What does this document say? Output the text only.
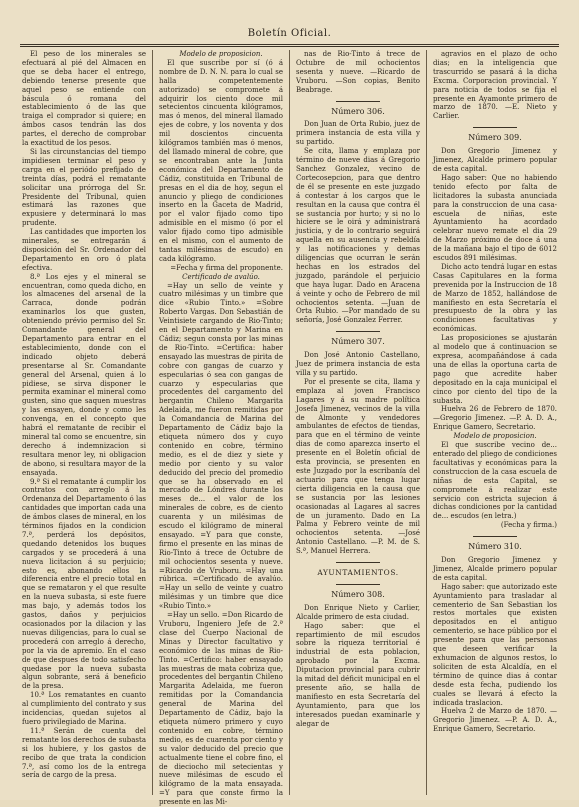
Boletín Oficial.

El peso de los minerales se efectuará al pié del Almacen en que se deba hacer el entrego, debiendo tenerse presente que aquel peso se entiende con báscula ó romana del establecimiento ó de las que traiga el comprador si quiere; en ámbos casos tendrán las dos partes, el derecho de comprobar la exactitud de los pesos.

Si las circunstancias del tiempo impidiesen terminar el peso y carga en el periódo prefijado de treinta días, podrá el rematante solicitar una prórroga del Sr. Presidente del Tribunal, quien estimará las razones que expusiere y determinará lo mas prudente.

Las cantidades que importen los minerales, se entregarán á disposición del Sr. Ordenador del Departamento en oro ó plata efectiva.

8.ª Los ejes y el mineral se encuentran, como queda dicho, en los almacenes del arsenal de la Carraca, donde podrán examinarlos los que gusten, obteniendo prévio permiso del Sr. Comandante general del Departamento para entrar en el establecimiento, donde con el indicado objeto deberá presentarse al Sr. Comandante general del Arsenal, quien á lo pidiese, se sirva disponer le permita examinar el mineral como gusten, sino que saquen muestras y las ensayen, donde y como les convenga, en el concepto que habrá el rematante de recibir el mineral tal como se encuentre, sin derecho á indemnizacion si resultara menor ley, ni obligacion de abono, si resultara mayor de la ensayada.

9.ª Si el rematante á cumplir los contratos con arreglo á la Ordenanza del Departamento ó las cantidades que importan cada una de ámbos clases de mineral, en los términos fijados en la condicion 7.ª, perderá los depósitos, quedando detenidos los buques cargados y se procederá á una nueva licitacion á su perjuicio; esto es, abonando ellos la diferencia entre el precio total en que se remataron y el que resulte en la nueva subasta, si este fuere mas bajo, y además todos los gastos, daños y perjuicios ocasionados por la dilacion y las nuevas diligencias, para lo cual se procederá con arreglo á derecho, por la via de apremio. En el caso de que despues de todo satisfecho quedase por la nueva subasta algun sobrante, será á beneficio de la presa.

10.ª Los rematantes en cuanto al cumplimiento del contrato y sus incidencias, quedan sujetos al fuero privilegiado de Marina.

11.ª Serán de cuenta del rematante los derechos de subasta si los hubiere, y los gastos de recibo de que trata la condicion 7.ª, así como los de la entrega sería de cargo de la presa.

Modelo de proposicion.

El que suscribe por sí (ó á nombre de D. N. N. para lo cual se halla competentemente autorizado) se compromete á adquirir los ciento doce mil setecientos cincuenta kilógramos, mas ó menos, del mineral llamado ejes de cobre, y los noventa y dos mil doscientos cincuenta kilógramos también mas ó menos, del llamado mineral de cobre, que se encontraban ante la Junta económica del Departamento de Cádiz, constituida en Tribunal de presas en el dia de hoy, segun el anuncio y pliego de condiciones inserto en la Gaceta de Madrid, por el valor fijado como tipo admisible en el mismo (ó por el valor fijado como tipo admisible en el mismo, con el aumento de tantas milésimas de escudo) en cada kilógramo.

=Fecha y firma del proponente.

Certificado de avalúo.

=Hay un sello de veinte y cuatro milésimas y un timbre que dice «Rubio Tinto.» =Sobre Roberto Vargas. Don Sebastián de Veintisiete cargando de Rio-Tinto; en el Departamento y Marina en Cádiz; segun consta por las minas de Rio-Tinto. =Certifica: haber ensayado las muestras de pirita de cobre con gangas de cuarzo y especularias ó sea con gangas de cuarzo y especularias que procedentes del cargamento del bergantin Chileno Margarita Adelaida, me fueron remitidas por la Comandancia de Marina del Departamento de Cádiz bajo la etiqueta número dos y cuyo contenido en cobre, término medio, es el de diez y siete y medio por ciento y su valor deducido del precio del promedio que se ha observado en el mercado de Lóndres durante los meses de... el valor de los minerales de cobre, es de ciento cuarenta y un milésimas de escudo el kilógramo de mineral ensayado. =Y para que conste, firmo el presente en las minas de Rio-Tinto á trece de Octubre de mil ochocientos sesenta y nueve. =Ricardo de Vruboru. =Hay una rúbrica. =Certificado de avalúo. =Hay un sello de veinte y cuatro milésimas y un timbre que dice «Rubio Tinto.»

=Hay un sello. =Don Ricardo de Vruboru, Ingeniero Jefe de 2.ª clase del Cuerpo Nacional de Minas y Director facultativo y económico de las minas de Rio-Tinto. =Certifico: haber ensayado las muestras de mata cobriza que, procedentes del bergantin Chileno Margarita Adelaida, me fueron remitidas por la Comandancia general de Marina del Departamento de Cádiz, bajo la etiqueta número primero y cuyo contenido en cobre, término medio, es de cuarenta por ciento y su valor deducido del precio que actualmente tiene el cobre fino, el de dieciocho mil setecientas y nueve milésimas de escudo el kilógramo de la mata ensayada. =Y para que conste firmo la presente en las Mi-

nas de Rio-Tinto á trece de Octubre de mil ochocientos sesenta y nueve. —Ricardo de Vruboru. —Son copias, Benito Beabrage.

Número 306.

Don Juan de Orta Rubio, juez de primera instancia de esta villa y su partido.

Se cita, llama y emplaza por término de nueve dias á Gregorio Sanchez Gonzalez, vecino de Cortecosepcion, para que dentro de él se presente en este juzgado á contestar á los cargos que le resultan en la causa que contra él se sustancia por hurto; y si no lo hiciere se le oirá y administrará justicia, y de lo contrario seguirá aquella en su ausencia y rebeldía y las notificaciones y demas diligencias que ocurran le serán hechas en los estrados del juzgado, parándole el perjuicio que haya lugar. Dado en Aracena á veinte y ocho de Febrero de mil ochocientos setenta. —Juan de Orta Rubio. —Por mandado de su señoría, José Gonzalez Ferrer.

Número 307.

Don José Antonio Castellano, Juez de primera instancia de esta villa y su partido.

Por el presente se cita, llama y emplaza al joven Francisco Lagares y á su madre política Josefa Jimenez, vecinos de la villa de Almonte y vendedores ambulantes de efectos de tiendas, para que en el término de veinte dias de como aparezca inserto el presente en el Boletín oficial de esta provincia, se presenten en este Juzgado por la escribanía del actuario para que tenga lugar cierta diligencia en la causa que se sustancia por las lesiones ocasionadas al Lagares al sacres de un juramento. Dado en La Palma y Febrero veinte de mil ochocientos setenta. —José Antonio Castellano. —P. M. de S. S.ª, Manuel Herrera.

AYUNTAMIENTOS.

Número 308.

Don Enrique Nieto y Carlier, Alcalde primero de esta ciudad.

Hago saber: que el repartimiento de mil escudos sobre la riqueza territorial é industrial de esta poblacion, aprobado por la Excma. Diputacion provincial para cubrir la mitad del déficit municipal en el presente año, se halla de manifiesto en esta Secretaría del Ayuntamiento, para que los interesados puedan examinarle y alegar de

agravios en el plazo de ocho dias; en la inteligencia que trascurrido se pasará á la dicha Excma. Corporacion provincial. Y para noticia de todos se fija el presente en Ayamonte primero de marzo de 1870. —E. Nieto y Carlier.

Número 309.

Don Gregorio Jimenez y Jimenez, Alcalde primero popular de esta capital.

Hago saber: Que no habiendo tenido efecto por falta de licitadores la subasta anunciada para la construccion de una casa-escuela de niñas, este Ayuntamiento ha acordado celebrar nuevo remate el dia 29 de Marzo próximo de doce á una de la mañana bajo el tipo de 6012 escudos 891 milésimas.

Dicho acto tendrá lugar en estas Casas Capitulares en la forma prevenida por la Instruccion de 18 de Marzo de 1852, hallándose de manifiesto en esta Secretaría el presupuesto de la obra y las condiciones facultativas y económicas.

Las proposiciones se ajustarán al modelo que á continuacion se expresa, acompañándose á cada una de ellas la oportuna carta de pago que acredite haber depositado en la caja municipal el cinco por ciento del tipo de la subasta.

Huelva 26 de Febrero de 1870. —Gregorio Jimenez. —P. A. D. A., Enrique Gamero, Secretario.

Modelo de proposicion.

El que suscribe vecino de... enterado del pliego de condiciones facultativas y económicas para la construccion de la casa escuela de niñas de esta Capital, se compromete á realizar este servicio con estricta sujecion á dichas condiciones por la cantidad de... escudos (en letra.)

(Fecha y firma.)

Número 310.

Don Gregorio Jimenez y Jimenez, Alcalde primero popular de esta capital.

Hago saber: que autorizado este Ayuntamiento para trasladar al cementerio de San Sebastian los restos mortales que existen depositados en el antiguo cementerio, se hace público por el presente para que las personas que deseen verificar la exhumacion de algunos restos, lo soliciten de esta Alcaldía, en el término de quince dias á contar desde esta fecha, pudiendo los cuales se llevará á efecto la indicada traslacion.

Huelva 2 de Marzo de 1870. —Gregorio Jimenez. —P. A. D. A., Enrique Gamero, Secretario.
